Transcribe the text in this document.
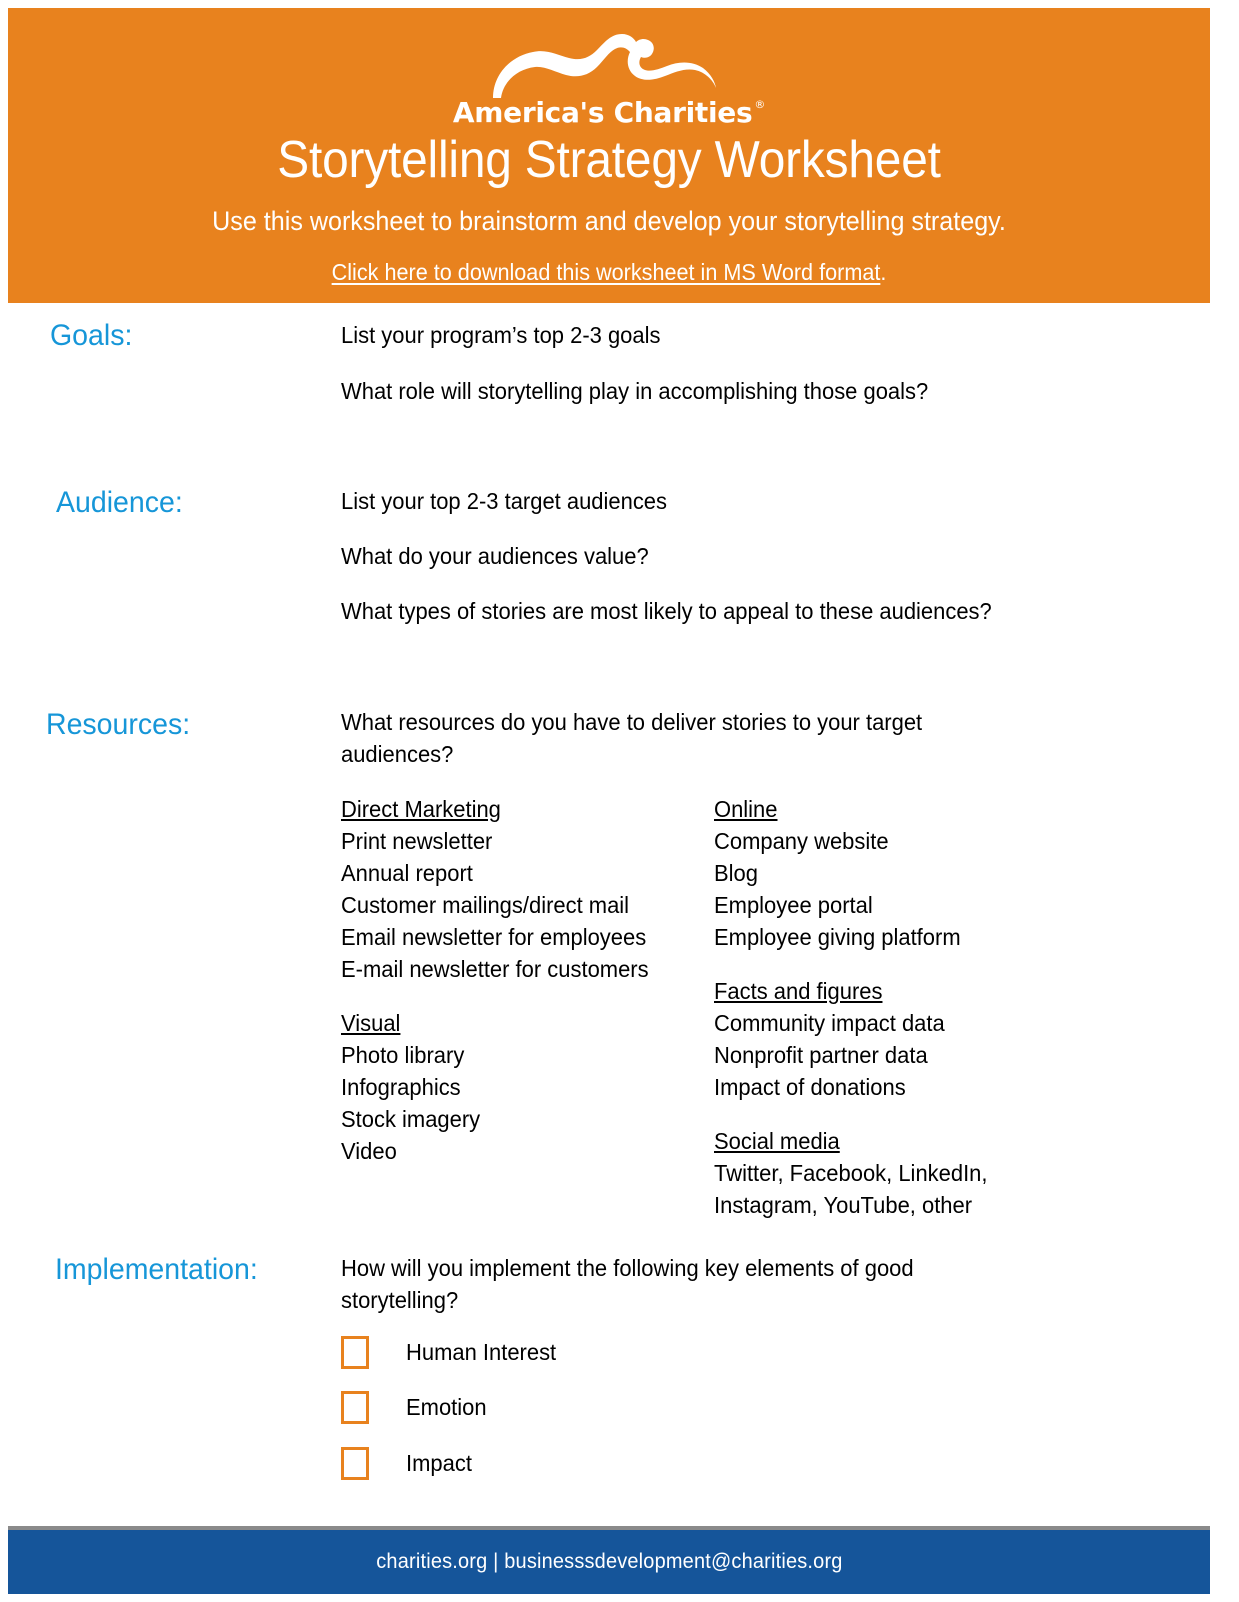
America's Charities ®
Storytelling Strategy Worksheet
Use this worksheet to brainstorm and develop your storytelling strategy.
Click here to download this worksheet in MS Word format.
Goals:	List your program’s top 2-3 goals
What role will storytelling play in accomplishing those goals?
Audience:	List your top 2-3 target audiences
What do your audiences value?
What types of stories are most likely to appeal to these audiences?
Resources:	What resources do you have to deliver stories to your target
audiences?
Direct Marketing
Print newsletter
Annual report
Customer mailings/direct mail
Email newsletter for employees
E-mail newsletter for customers
Visual
Photo library
Infographics
Stock imagery
Video
Online
Company website
Blog
Employee portal
Employee giving platform
Facts and figures
Community impact data
Nonprofit partner data
Impact of donations
Social media
Twitter, Facebook, LinkedIn,
Instagram, YouTube, other
Implementation:	How will you implement the following key elements of good
storytelling?
Human Interest
Emotion
Impact
charities.org | businesssdevelopment@charities.org
